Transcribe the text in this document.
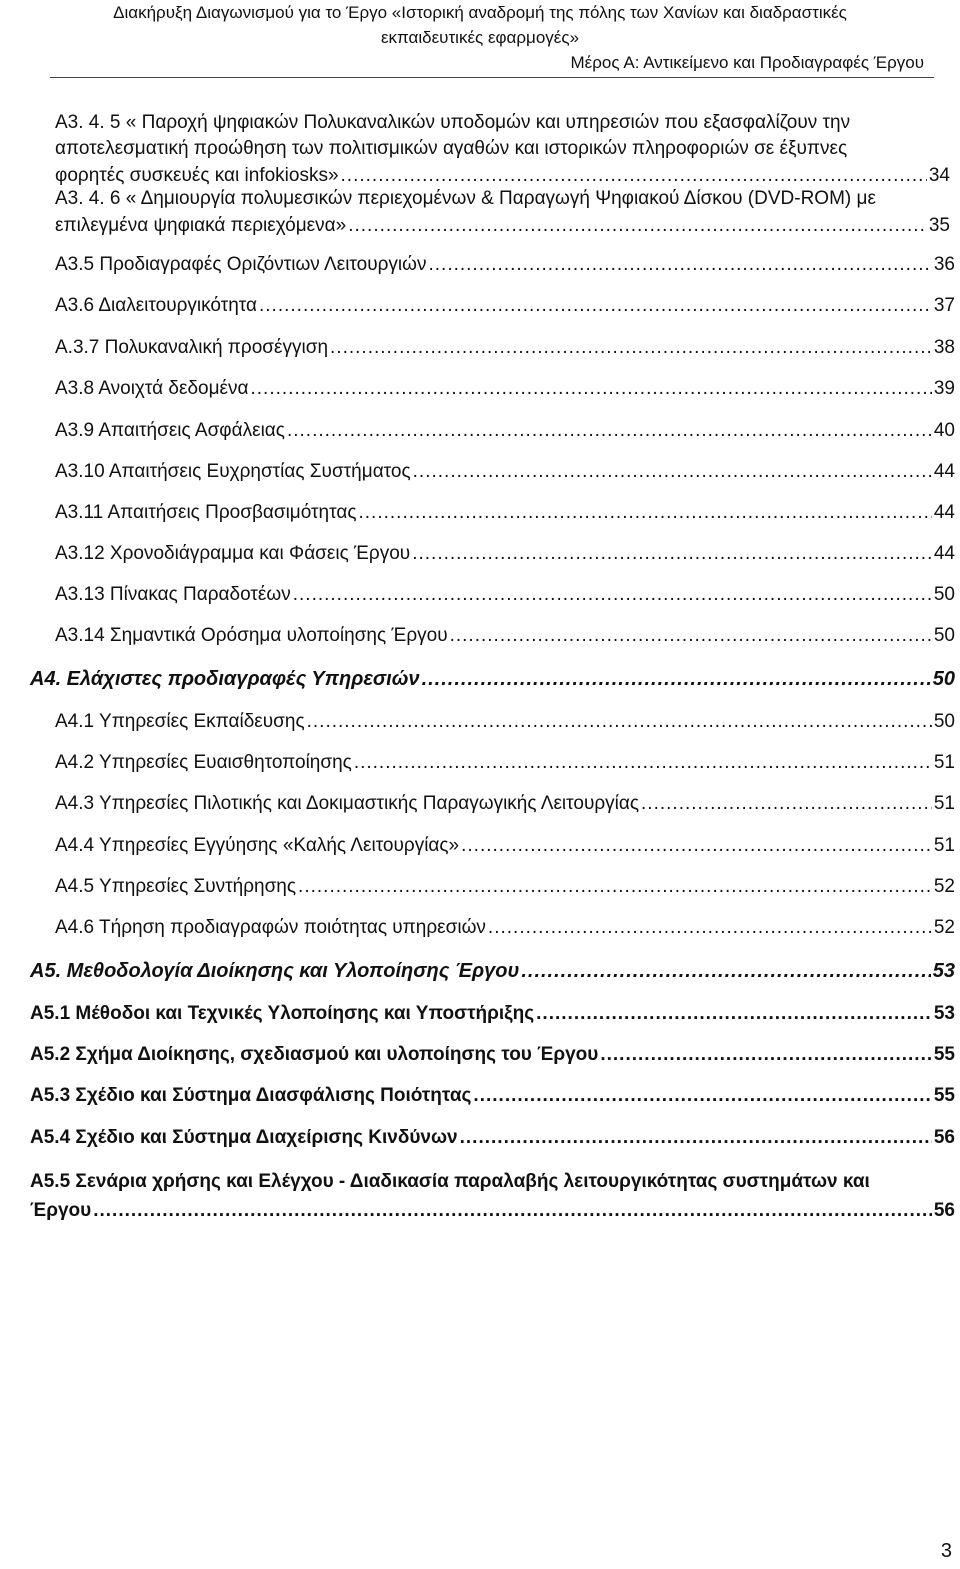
Διακήρυξη Διαγωνισμού για το Έργο «Ιστορική αναδρομή της πόλης των Χανίων και διαδραστικές
εκπαιδευτικές εφαρμογές»
Μέρος Α: Αντικείμενο και Προδιαγραφές Έργου
Α3. 4. 5 « Παροχή ψηφιακών Πολυκαναλικών υποδομών και υπηρεσιών που εξασφαλίζουν την
αποτελεσματική προώθηση των πολιτισμικών αγαθών και ιστορικών πληροφοριών σε έξυπνες
φορητές συσκευές και infokiosks» .....	34
Α3. 4. 6 « Δημιουργία πολυμεσικών περιεχομένων & Παραγωγή Ψηφιακού Δίσκου (DVD-ROM) με
επιλεγμένα ψηφιακά περιεχόμενα» .....	35
Α3.5 Προδιαγραφές Οριζόντιων Λειτουργιών .....	36
Α3.6 Διαλειτουργικότητα .....	37
Α.3.7 Πολυκαναλική προσέγγιση .....	38
Α3.8 Ανοιχτά δεδομένα .....	39
Α3.9 Απαιτήσεις Ασφάλειας .....	40
Α3.10 Απαιτήσεις Ευχρηστίας Συστήματος .....	44
Α3.11 Απαιτήσεις Προσβασιμότητας .....	44
Α3.12 Χρονοδιάγραμμα και Φάσεις Έργου .....	44
Α3.13 Πίνακας Παραδοτέων .....	50
Α3.14 Σημαντικά Ορόσημα υλοποίησης Έργου .....	50
Α4. Ελάχιστες προδιαγραφές Υπηρεσιών .....	50
Α4.1 Υπηρεσίες Εκπαίδευσης .....	50
Α4.2 Υπηρεσίες Ευαισθητοποίησης .....	51
Α4.3 Υπηρεσίες Πιλοτικής και Δοκιμαστικής Παραγωγικής Λειτουργίας .....	51
Α4.4 Υπηρεσίες Εγγύησης «Καλής Λειτουργίας» .....	51
Α4.5 Υπηρεσίες Συντήρησης .....	52
Α4.6 Τήρηση προδιαγραφών ποιότητας υπηρεσιών .....	52
Α5. Μεθοδολογία Διοίκησης και Υλοποίησης Έργου .....	53
Α5.1 Μέθοδοι και Τεχνικές Υλοποίησης και Υποστήριξης .....	53
Α5.2 Σχήμα Διοίκησης, σχεδιασμού και υλοποίησης του Έργου .....	55
Α5.3 Σχέδιο και Σύστημα Διασφάλισης Ποιότητας .....	55
Α5.4 Σχέδιο και Σύστημα Διαχείρισης Κινδύνων .....	56
Α5.5 Σενάρια χρήσης και Ελέγχου - Διαδικασία παραλαβής λειτουργικότητας συστημάτων και
Έργου .....	56
3
